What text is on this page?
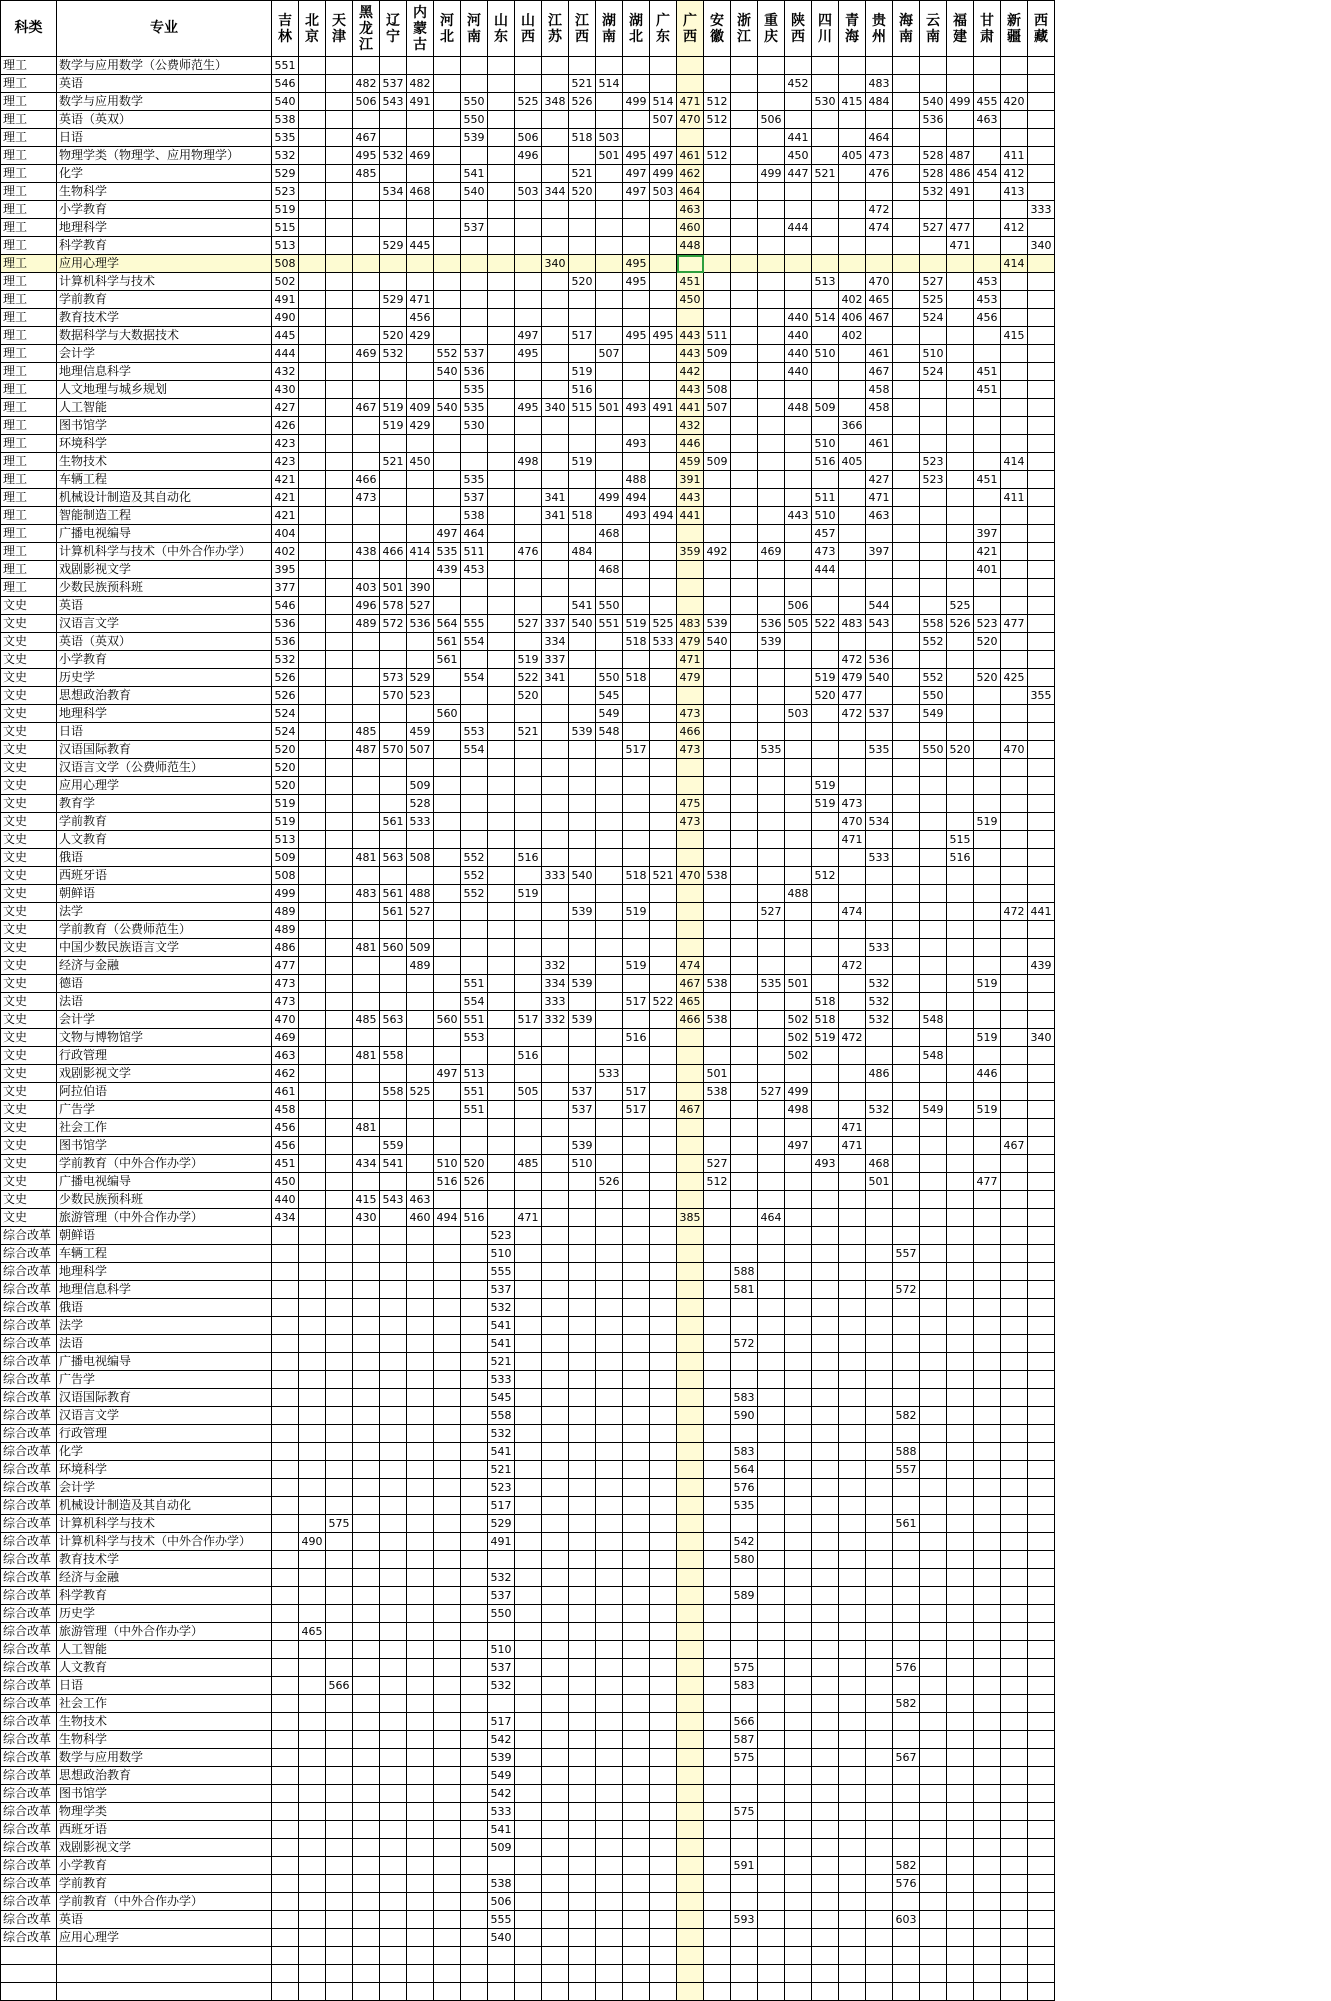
科类	专业	吉林	北京	天津	黑龙江	辽宁	内蒙古	河北	河南	山东	山西	江苏	江西	湖南	湖北	广东	广西	安徽	浙江	重庆	陕西	四川	青海	贵州	海南	云南	福建	甘肃	新疆	西藏
理工	数学与应用数学（公费师范生）	551																												
理工	英语	546			482	537	482						521	514							452			483						
理工	数学与应用数学	540			506	543	491		550		525	348	526		499	514	471	512				530	415	484		540	499	455	420	
理工	英语（英双）	538							550							507	470	512		506						536		463		
理工	日语	535			467				539		506		518	503							441			464						
理工	物理学类（物理学、应用物理学）	532			495	532	469				496			501	495	497	461	512			450		405	473		528	487		411	
理工	化学	529			485				541				521		497	499	462			499	447	521		476		528	486	454	412	
理工	生物科学	523				534	468		540		503	344	520		497	503	464									532	491		413	
理工	小学教育	519															463							472						333
理工	地理科学	515							537								460				444			474		527	477		412	
理工	科学教育	513				529	445										448										471			340
理工	应用心理学	508										340			495														414	
理工	计算机科学与技术	502											520		495		451					513		470		527		453		
理工	学前教育	491				529	471										450						402	465		525		453		
理工	教育技术学	490					456														440	514	406	467		524		456		
理工	数据科学与大数据技术	445				520	429				497		517		495	495	443	511			440		402						415	
理工	会计学	444			469	532		552	537		495			507			443	509			440	510		461		510				
理工	地理信息科学	432						540	536				519				442				440			467		524		451		
理工	人文地理与城乡规划	430							535				516				443	508						458				451		
理工	人工智能	427			467	519	409	540	535		495	340	515	501	493	491	441	507			448	509		458						
理工	图书馆学	426				519	429		530								432						366							
理工	环境科学	423													493		446					510		461						
理工	生物技术	423				521	450				498		519				459	509				516	405			523			414	
理工	车辆工程	421			466				535						488		391							427		523		451		
理工	机械设计制造及其自动化	421			473				537			341		499	494		443					511		471					411	
理工	智能制造工程	421							538			341	518		493	494	441				443	510		463						
理工	广播电视编导	404						497	464					468								457						397		
理工	计算机科学与技术（中外合作办学）	402			438	466	414	535	511		476		484				359	492		469		473		397				421		
理工	戏剧影视文学	395						439	453					468								444						401		
理工	少数民族预科班	377			403	501	390																							
文史	英语	546			496	578	527						541	550							506			544			525			
文史	汉语言文学	536			489	572	536	564	555		527	337	540	551	519	525	483	539		536	505	522	483	543		558	526	523	477	
文史	英语（英双）	536						561	554			334			518	533	479	540		539						552		520		
文史	小学教育	532						561			519	337					471						472	536						
文史	历史学	526				573	529		554		522	341		550	518		479					519	479	540		552		520	425	
文史	思想政治教育	526				570	523				520			545								520	477			550				355
文史	地理科学	524						560						549			473				503		472	537		549				
文史	日语	524			485		459		553		521		539	548			466													
文史	汉语国际教育	520			487	570	507		554						517		473			535				535		550	520		470	
文史	汉语言文学（公费师范生）	520																												
文史	应用心理学	520					509															519								
文史	教育学	519					528										475					519	473							
文史	学前教育	519				561	533										473						470	534				519		
文史	人文教育	513																					471				515			
文史	俄语	509			481	563	508		552		516													533			516			
文史	西班牙语	508							552			333	540		518	521	470	538				512								
文史	朝鲜语	499			483	561	488		552		519										488									
文史	法学	489				561	527						539		519					527			474						472	441
文史	学前教育（公费师范生）	489																												
文史	中国少数民族语言文学	486			481	560	509																	533						
文史	经济与金融	477					489					332			519		474						472							439
文史	德语	473							551			334	539				467	538		535	501			532				519		
文史	法语	473							554			333			517	522	465					518		532						
文史	会计学	470			485	563		560	551		517	332	539				466	538			502	518		532		548				
文史	文物与博物馆学	469							553						516						502	519	472					519		340
文史	行政管理	463			481	558					516										502					548				
文史	戏剧影视文学	462						497	513					533				501						486				446		
文史	阿拉伯语	461				558	525		551		505		537		517			538		527	499									
文史	广告学	458							551				537		517		467				498			532		549		519		
文史	社会工作	456			481																		471							
文史	图书馆学	456				559							539								497		471						467	
文史	学前教育（中外合作办学）	451			434	541		510	520		485		510					527				493		468						
文史	广播电视编导	450						516	526					526				512						501				477		
文史	少数民族预科班	440			415	543	463																							
文史	旅游管理（中外合作办学）	434			430		460	494	516		471						385			464										
综合改革	朝鲜语									523																				
综合改革	车辆工程									510															557					
综合改革	地理科学									555									588											
综合改革	地理信息科学									537									581						572					
综合改革	俄语									532																				
综合改革	法学									541																				
综合改革	法语									541									572											
综合改革	广播电视编导									521																				
综合改革	广告学									533																				
综合改革	汉语国际教育									545									583											
综合改革	汉语言文学									558									590						582					
综合改革	行政管理									532																				
综合改革	化学									541									583						588					
综合改革	环境科学									521									564						557					
综合改革	会计学									523									576											
综合改革	机械设计制造及其自动化									517									535											
综合改革	计算机科学与技术			575						529															561					
综合改革	计算机科学与技术（中外合作办学）		490							491									542											
综合改革	教育技术学																		580											
综合改革	经济与金融									532																				
综合改革	科学教育									537									589											
综合改革	历史学									550																				
综合改革	旅游管理（中外合作办学）		465																											
综合改革	人工智能									510																				
综合改革	人文教育									537									575						576					
综合改革	日语			566						532									583											
综合改革	社会工作																								582					
综合改革	生物技术									517									566											
综合改革	生物科学									542									587											
综合改革	数学与应用数学									539									575						567					
综合改革	思想政治教育									549																				
综合改革	图书馆学									542																				
综合改革	物理学类									533									575											
综合改革	西班牙语									541																				
综合改革	戏剧影视文学									509																				
综合改革	小学教育																		591						582					
综合改革	学前教育									538															576					
综合改革	学前教育（中外合作办学）									506																				
综合改革	英语									555									593						603					
综合改革	应用心理学									540																				
